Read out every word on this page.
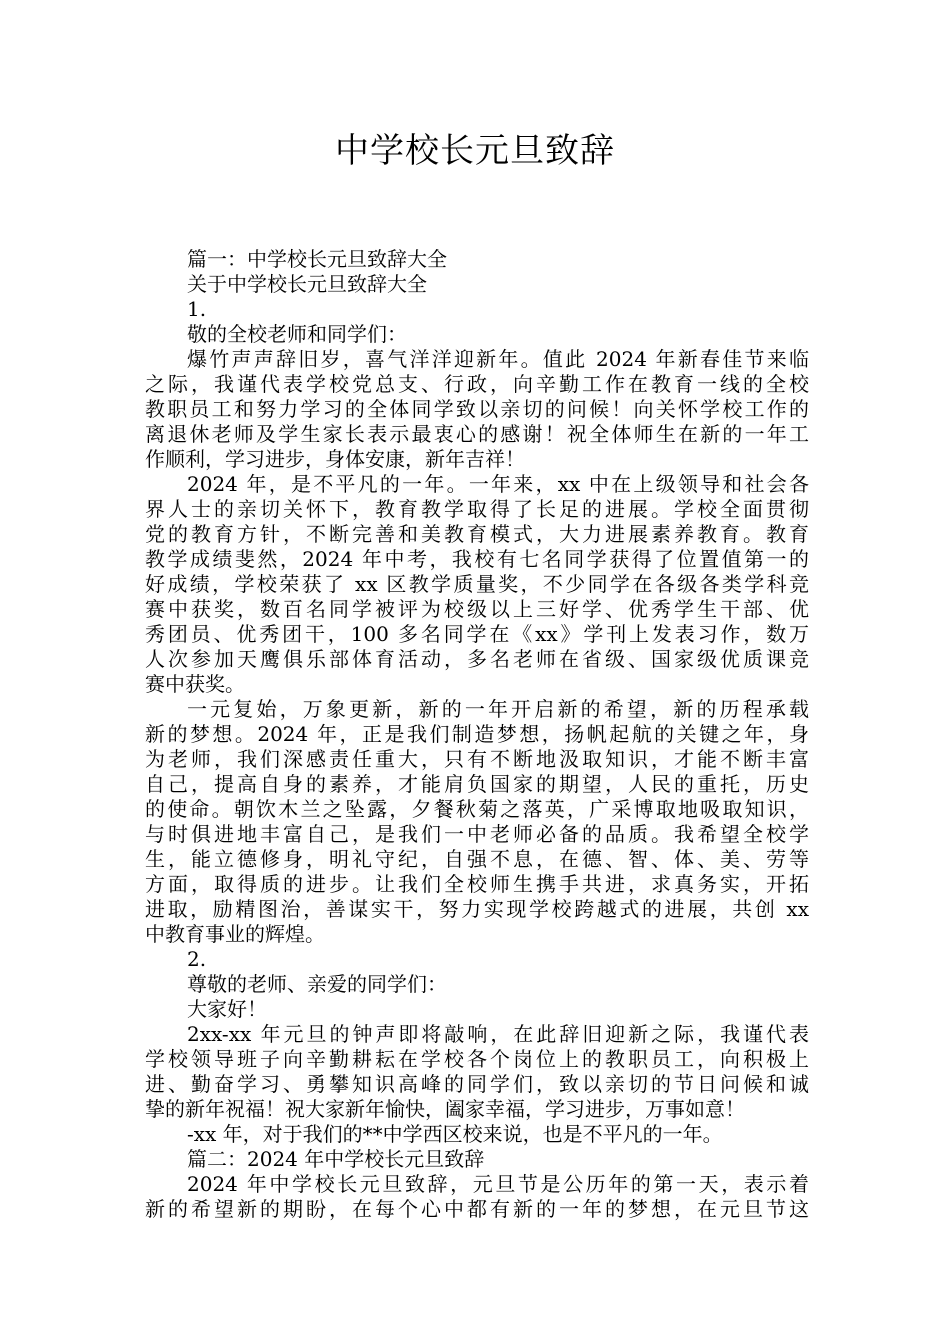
中学校长元旦致辞

篇一：中学校长元旦致辞大全

关于中学校长元旦致辞大全

1.

敬的全校老师和同学们：

爆竹声声辞旧岁，喜气洋洋迎新年。值此 2024 年新春佳节来临

之际，我谨代表学校党总支、行政，向辛勤工作在教育一线的全校

教职员工和努力学习的全体同学致以亲切的问候！向关怀学校工作的

离退休老师及学生家长表示最衷心的感谢！祝全体师生在新的一年工

作顺利，学习进步，身体安康，新年吉祥！

2024 年，是不平凡的一年。一年来，xx 中在上级领导和社会各

界人士的亲切关怀下，教育教学取得了长足的进展。学校全面贯彻

党的教育方针，不断完善和美教育模式，大力进展素养教育。教育

教学成绩斐然，2024 年中考，我校有七名同学获得了位置值第一的

好成绩，学校荣获了 xx 区教学质量奖，不少同学在各级各类学科竞

赛中获奖，数百名同学被评为校级以上三好学、优秀学生干部、优

秀团员、优秀团干，100 多名同学在《xx》学刊上发表习作，数万

人次参加天鹰俱乐部体育活动，多名老师在省级、国家级优质课竞

赛中获奖。

一元复始，万象更新，新的一年开启新的希望，新的历程承载

新的梦想。2024 年，正是我们制造梦想，扬帆起航的关键之年，身

为老师，我们深感责任重大，只有不断地汲取知识，才能不断丰富

自己，提高自身的素养，才能肩负国家的期望，人民的重托，历史

的使命。朝饮木兰之坠露，夕餐秋菊之落英，广采博取地吸取知识，

与时俱进地丰富自己，是我们一中老师必备的品质。我希望全校学

生，能立德修身，明礼守纪，自强不息，在德、智、体、美、劳等

方面，取得质的进步。让我们全校师生携手共进，求真务实，开拓

进取，励精图治，善谋实干，努力实现学校跨越式的进展，共创 xx

中教育事业的辉煌。

2.

尊敬的老师、亲爱的同学们：

大家好！

2xx-xx 年元旦的钟声即将敲响，在此辞旧迎新之际，我谨代表

学校领导班子向辛勤耕耘在学校各个岗位上的教职员工，向积极上

进、勤奋学习、勇攀知识高峰的同学们，致以亲切的节日问候和诚

挚的新年祝福！祝大家新年愉快，阖家幸福，学习进步，万事如意！

-xx 年，对于我们的**中学西区校来说，也是不平凡的一年。

篇二：2024 年中学校长元旦致辞

2024 年中学校长元旦致辞，元旦节是公历年的第一天，表示着

新的希望新的期盼，在每个心中都有新的一年的梦想，在元旦节这
